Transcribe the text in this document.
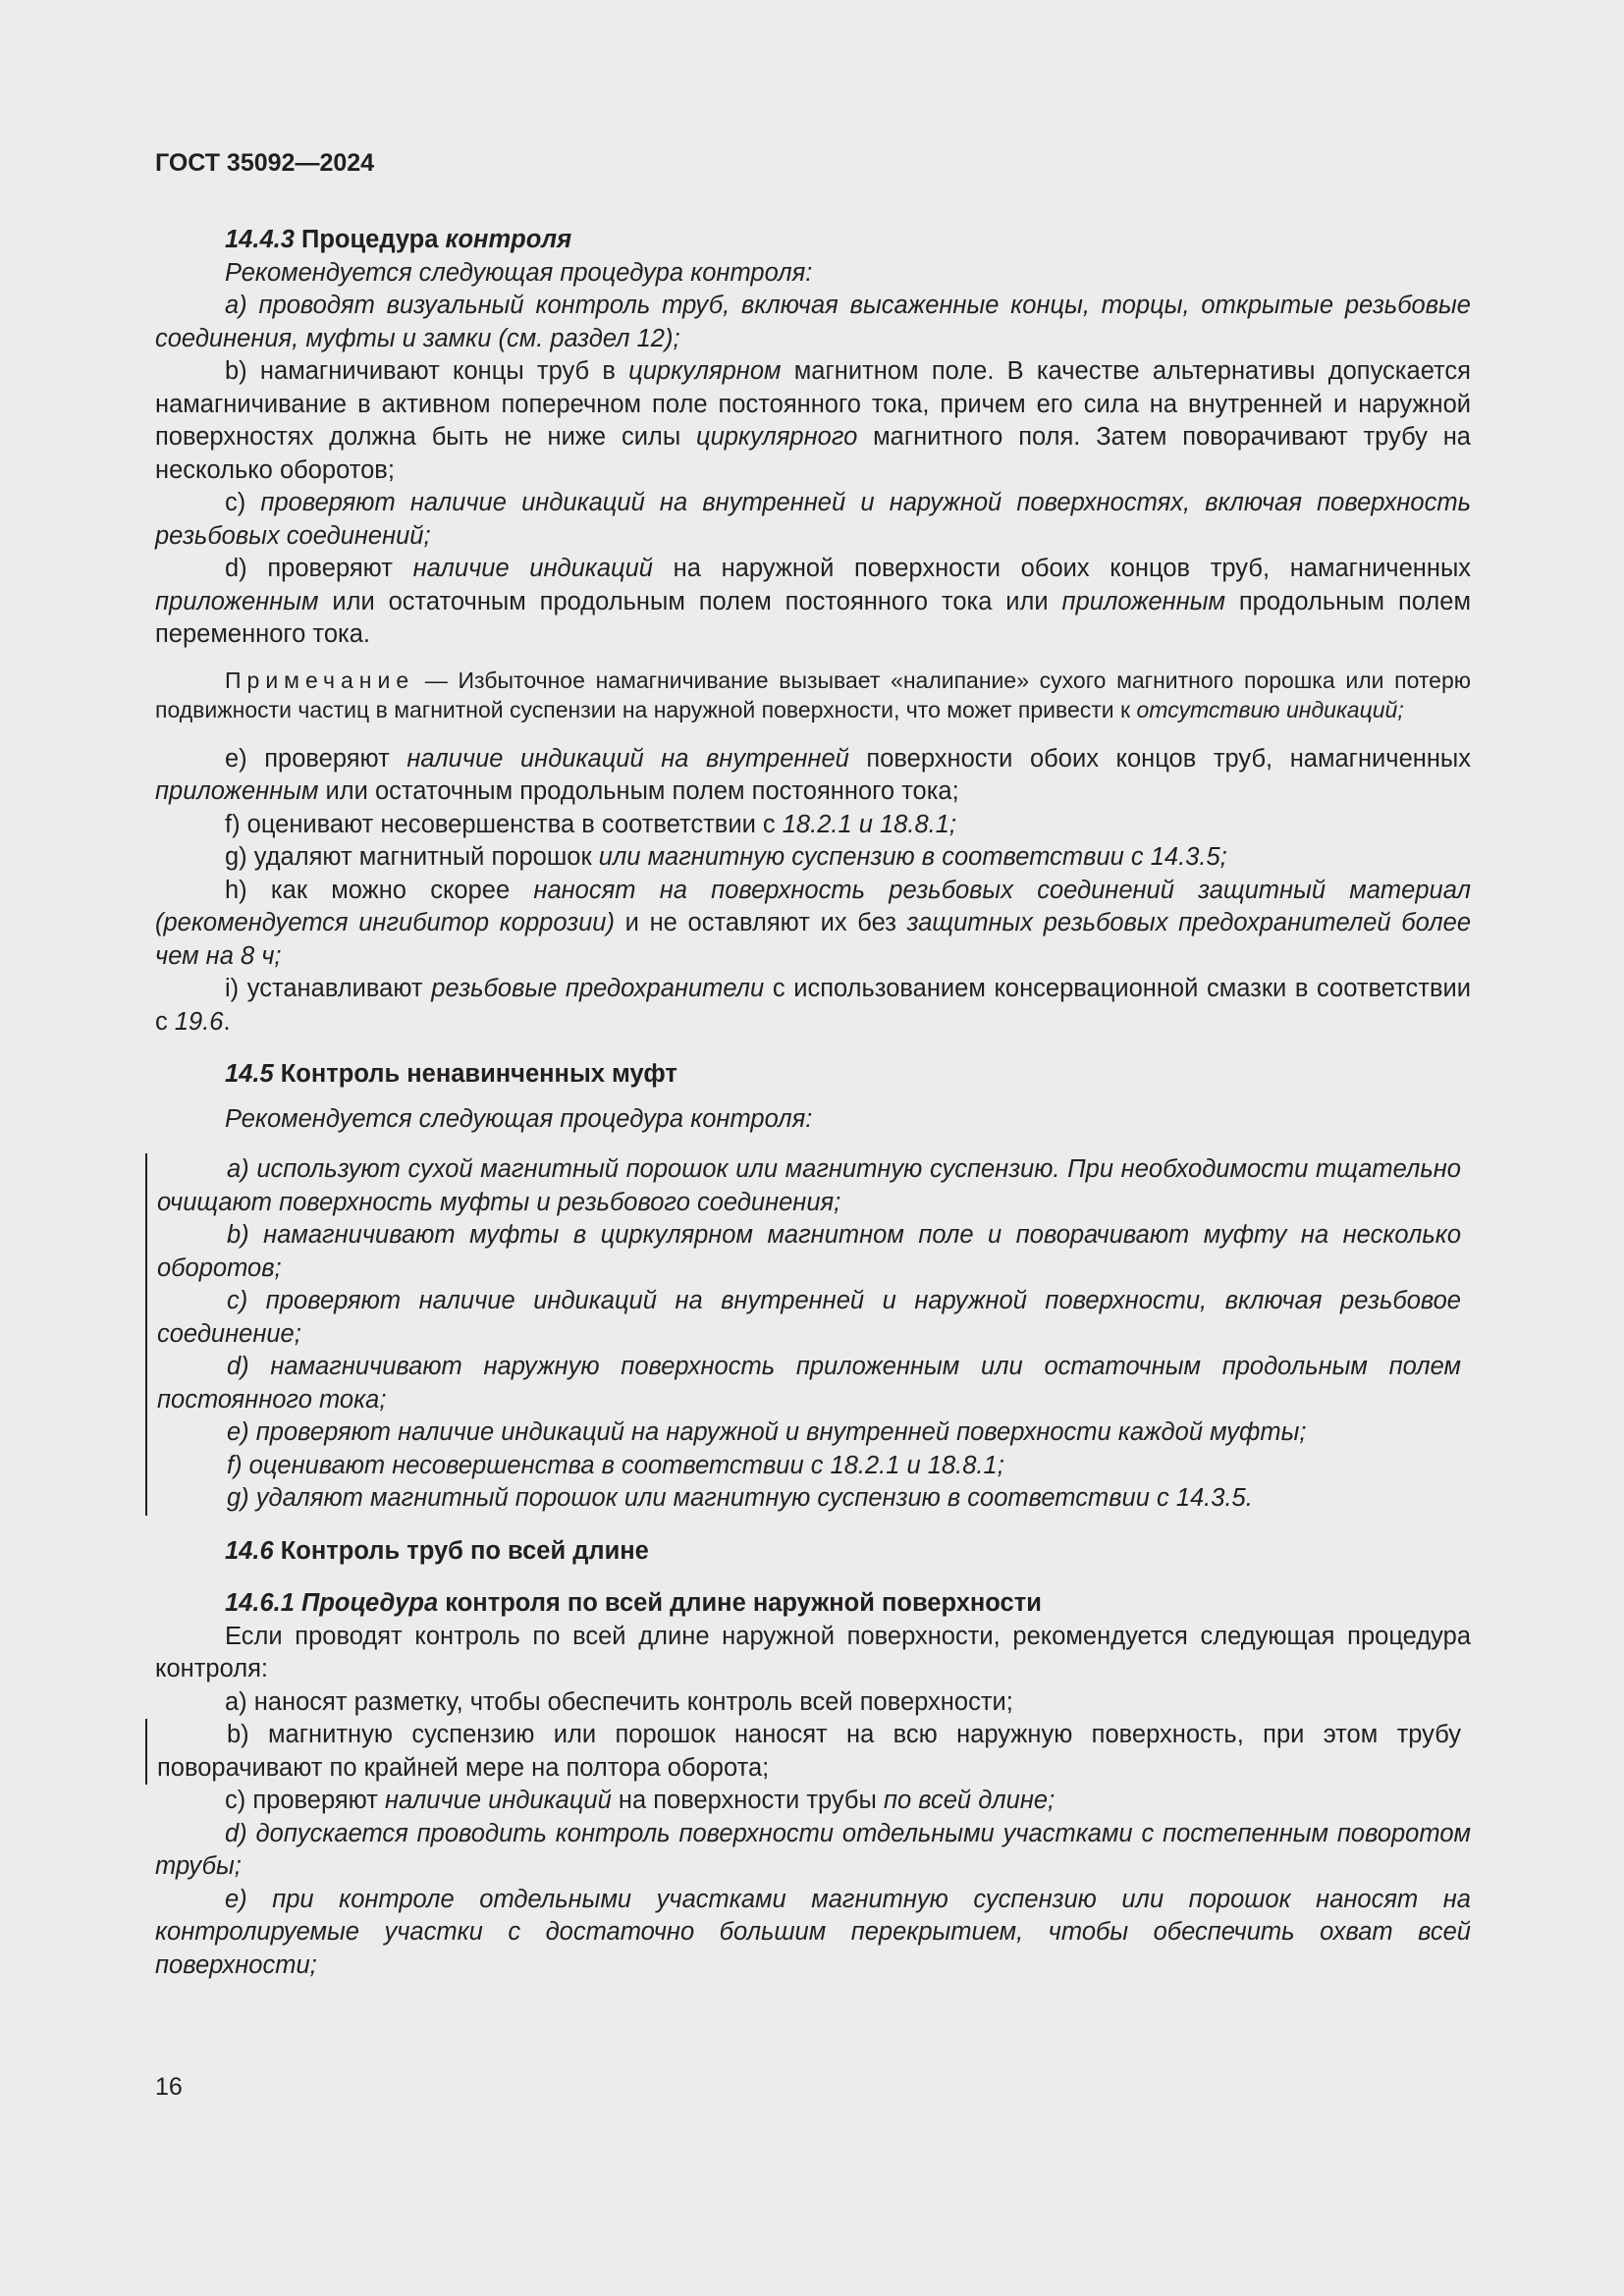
ГОСТ 35092—2024

14.4.3 Процедура контроля

Рекомендуется следующая процедура контроля:

а) проводят визуальный контроль труб, включая высаженные концы, торцы, открытые резьбовые соединения, муфты и замки (см. раздел 12);

b) намагничивают концы труб в циркулярном магнитном поле. В качестве альтернативы допускается намагничивание в активном поперечном поле постоянного тока, причем его сила на внутренней и наружной поверхностях должна быть не ниже силы циркулярного магнитного поля. Затем поворачивают трубу на несколько оборотов;

c) проверяют наличие индикаций на внутренней и наружной поверхностях, включая поверхность резьбовых соединений;

d) проверяют наличие индикаций на наружной поверхности обоих концов труб, намагниченных приложенным или остаточным продольным полем постоянного тока или приложенным продольным полем переменного тока.

Примечание — Избыточное намагничивание вызывает «налипание» сухого магнитного порошка или потерю подвижности частиц в магнитной суспензии на наружной поверхности, что может привести к отсутствию индикаций;

e) проверяют наличие индикаций на внутренней поверхности обоих концов труб, намагниченных приложенным или остаточным продольным полем постоянного тока;

f) оценивают несовершенства в соответствии с 18.2.1 и 18.8.1;

g) удаляют магнитный порошок или магнитную суспензию в соответствии с 14.3.5;

h) как можно скорее наносят на поверхность резьбовых соединений защитный материал (рекомендуется ингибитор коррозии) и не оставляют их без защитных резьбовых предохранителей более чем на 8 ч;

i) устанавливают резьбовые предохранители с использованием консервационной смазки в соответствии с 19.6.

14.5 Контроль ненавинченных муфт

Рекомендуется следующая процедура контроля:

а) используют сухой магнитный порошок или магнитную суспензию. При необходимости тщательно очищают поверхность муфты и резьбового соединения;

b) намагничивают муфты в циркулярном магнитном поле и поворачивают муфту на несколько оборотов;

c) проверяют наличие индикаций на внутренней и наружной поверхности, включая резьбовое соединение;

d) намагничивают наружную поверхность приложенным или остаточным продольным полем постоянного тока;

e) проверяют наличие индикаций на наружной и внутренней поверхности каждой муфты;

f) оценивают несовершенства в соответствии с 18.2.1 и 18.8.1;

g) удаляют магнитный порошок или магнитную суспензию в соответствии с 14.3.5.

14.6 Контроль труб по всей длине

14.6.1 Процедура контроля по всей длине наружной поверхности

Если проводят контроль по всей длине наружной поверхности, рекомендуется следующая процедура контроля:

а) наносят разметку, чтобы обеспечить контроль всей поверхности;

b) магнитную суспензию или порошок наносят на всю наружную поверхность, при этом трубу поворачивают по крайней мере на полтора оборота;

c) проверяют наличие индикаций на поверхности трубы по всей длине;

d) допускается проводить контроль поверхности отдельными участками с постепенным поворотом трубы;

e) при контроле отдельными участками магнитную суспензию или порошок наносят на контролируемые участки с достаточно большим перекрытием, чтобы обеспечить охват всей поверхности;

16
